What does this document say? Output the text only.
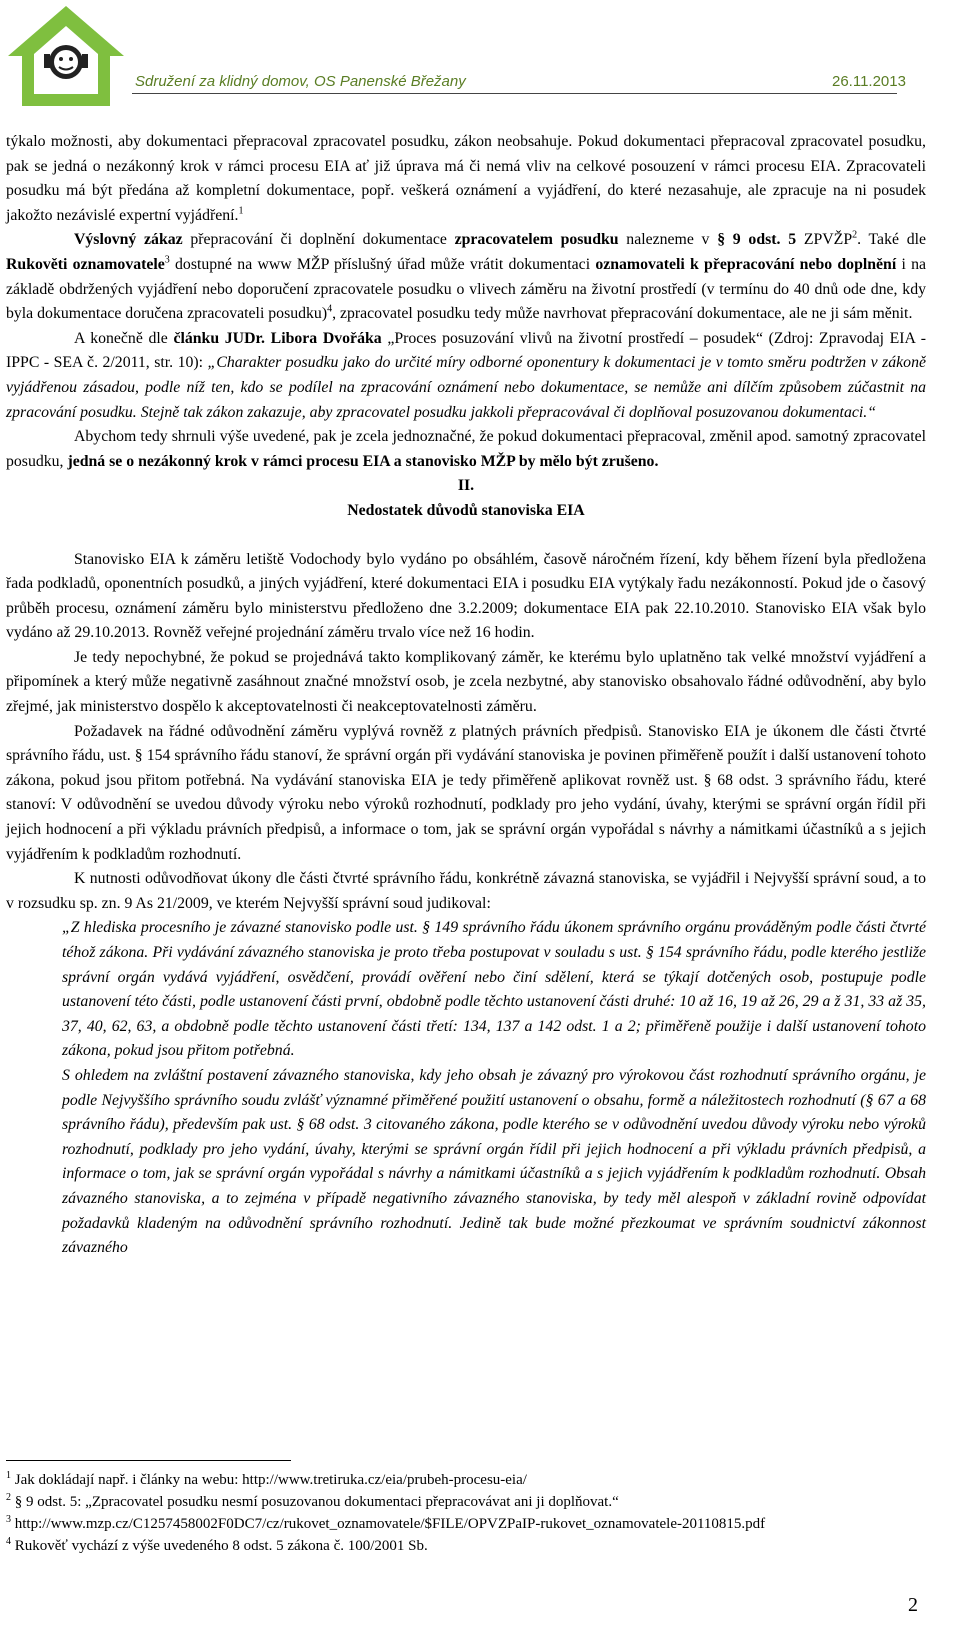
Sdružení za klidný domov, OS Panenské Břežany	26.11.2013

týkalo možnosti, aby dokumentaci přepracoval zpracovatel posudku, zákon neobsahuje. Pokud dokumentaci přepracoval zpracovatel posudku, pak se jedná o nezákonný krok v rámci procesu EIA ať již úprava má či nemá vliv na celkové posouzení v rámci procesu EIA. Zpracovateli posudku má být předána až kompletní dokumentace, popř. veškerá oznámení a vyjádření, do které nezasahuje, ale zpracuje na ni posudek jakožto nezávislé expertní vyjádření.$^1$

Výslovný zákaz přepracování či doplnění dokumentace zpracovatelem posudku nalezneme v § 9 odst. 5 ZPVŽP$^2$. Také dle Rukověti oznamovatele$^3$ dostupné na www MŽP příslušný úřad může vrátit dokumentaci oznamovateli k přepracování nebo doplnění i na základě obdržených vyjádření nebo doporučení zpracovatele posudku o vlivech záměru na životní prostředí (v termínu do 40 dnů ode dne, kdy byla dokumentace doručena zpracovateli posudku)$^4$, zpracovatel posudku tedy může navrhovat přepracování dokumentace, ale ne ji sám měnit.

A konečně dle článku JUDr. Libora Dvořáka „Proces posuzování vlivů na životní prostředí – posudek“ (Zdroj: Zpravodaj EIA - IPPC - SEA č. 2/2011, str. 10): „Charakter posudku jako do určité míry odborné oponentury k dokumentaci je v tomto směru podtržen v zákoně vyjádřenou zásadou, podle níž ten, kdo se podílel na zpracování oznámení nebo dokumentace, se nemůže ani dílčím způsobem zúčastnit na zpracování posudku. Stejně tak zákon zakazuje, aby zpracovatel posudku jakkoli přepracovával či doplňoval posuzovanou dokumentaci.“

Abychom tedy shrnuli výše uvedené, pak je zcela jednoznačné, že pokud dokumentaci přepracoval, změnil apod. samotný zpracovatel posudku, jedná se o nezákonný krok v rámci procesu EIA a stanovisko MŽP by mělo být zrušeno.

II.

Nedostatek důvodů stanoviska EIA

Stanovisko EIA k záměru letiště Vodochody bylo vydáno po obsáhlém, časově náročném řízení, kdy během řízení byla předložena řada podkladů, oponentních posudků, a jiných vyjádření, které dokumentaci EIA i posudku EIA vytýkaly řadu nezákonností. Pokud jde o časový průběh procesu, oznámení záměru bylo ministerstvu předloženo dne 3.2.2009; dokumentace EIA pak 22.10.2010. Stanovisko EIA však bylo vydáno až 29.10.2013. Rovněž veřejné projednání záměru trvalo více než 16 hodin.

Je tedy nepochybné, že pokud se projednává takto komplikovaný záměr, ke kterému bylo uplatněno tak velké množství vyjádření a připomínek a který může negativně zasáhnout značné množství osob, je zcela nezbytné, aby stanovisko obsahovalo řádné odůvodnění, aby bylo zřejmé, jak ministerstvo dospělo k akceptovatelnosti či neakceptovatelnosti záměru.

Požadavek na řádné odůvodnění záměru vyplývá rovněž z platných právních předpisů. Stanovisko EIA je úkonem dle části čtvrté správního řádu, ust. § 154 správního řádu stanoví, že správní orgán při vydávání stanoviska je povinen přiměřeně použít i další ustanovení tohoto zákona, pokud jsou přitom potřebná. Na vydávání stanoviska EIA je tedy přiměřeně aplikovat rovněž ust. § 68 odst. 3 správního řádu, které stanoví: V odůvodnění se uvedou důvody výroku nebo výroků rozhodnutí, podklady pro jeho vydání, úvahy, kterými se správní orgán řídil při jejich hodnocení a při výkladu právních předpisů, a informace o tom, jak se správní orgán vypořádal s návrhy a námitkami účastníků a s jejich vyjádřením k podkladům rozhodnutí.

K nutnosti odůvodňovat úkony dle části čtvrté správního řádu, konkrétně závazná stanoviska, se vyjádřil i Nejvyšší správní soud, a to v rozsudku sp. zn. 9 As 21/2009, ve kterém Nejvyšší správní soud judikoval:

„Z hlediska procesního je závazné stanovisko podle ust. § 149 správního řádu úkonem správního orgánu prováděným podle části čtvrté téhož zákona. Při vydávání závazného stanoviska je proto třeba postupovat v souladu s ust. § 154 správního řádu, podle kterého jestliže správní orgán vydává vyjádření, osvědčení, provádí ověření nebo činí sdělení, která se týkají dotčených osob, postupuje podle ustanovení této části, podle ustanovení části první, obdobně podle těchto ustanovení části druhé: 10 až 16, 19 až 26, 29 a ž 31, 33 až 35, 37, 40, 62, 63, a obdobně podle těchto ustanovení části třetí: 134, 137 a 142 odst. 1 a 2; přiměřeně použije i další ustanovení tohoto zákona, pokud jsou přitom potřebná.

S ohledem na zvláštní postavení závazného stanoviska, kdy jeho obsah je závazný pro výrokovou část rozhodnutí správního orgánu, je podle Nejvyššího správního soudu zvlášť významné přiměřené použití ustanovení o obsahu, formě a náležitostech rozhodnutí (§ 67 a 68 správního řádu), především pak ust. § 68 odst. 3 citovaného zákona, podle kterého se v odůvodnění uvedou důvody výroku nebo výroků rozhodnutí, podklady pro jeho vydání, úvahy, kterými se správní orgán řídil při jejich hodnocení a při výkladu právních předpisů, a informace o tom, jak se správní orgán vypořádal s návrhy a námitkami účastníků a s jejich vyjádřením k podkladům rozhodnutí. Obsah závazného stanoviska, a to zejména v případě negativního závazného stanoviska, by tedy měl alespoň v základní rovině odpovídat požadavků kladeným na odůvodnění správního rozhodnutí. Jedině tak bude možné přezkoumat ve správním soudnictví zákonnost závazného

$^1$ Jak dokládají např. i články na webu: http://www.tretiruka.cz/eia/prubeh-procesu-eia/

$^2$ § 9 odst. 5: „Zpracovatel posudku nesmí posuzovanou dokumentaci přepracovávat ani ji doplňovat.“

$^3$ http://www.mzp.cz/C1257458002F0DC7/cz/rukovet_oznamovatele/$FILE/OPVZPaIP-rukovet_oznamovatele-20110815.pdf

$^4$ Rukověť vychází z výše uvedeného 8 odst. 5 zákona č. 100/2001 Sb.

2
